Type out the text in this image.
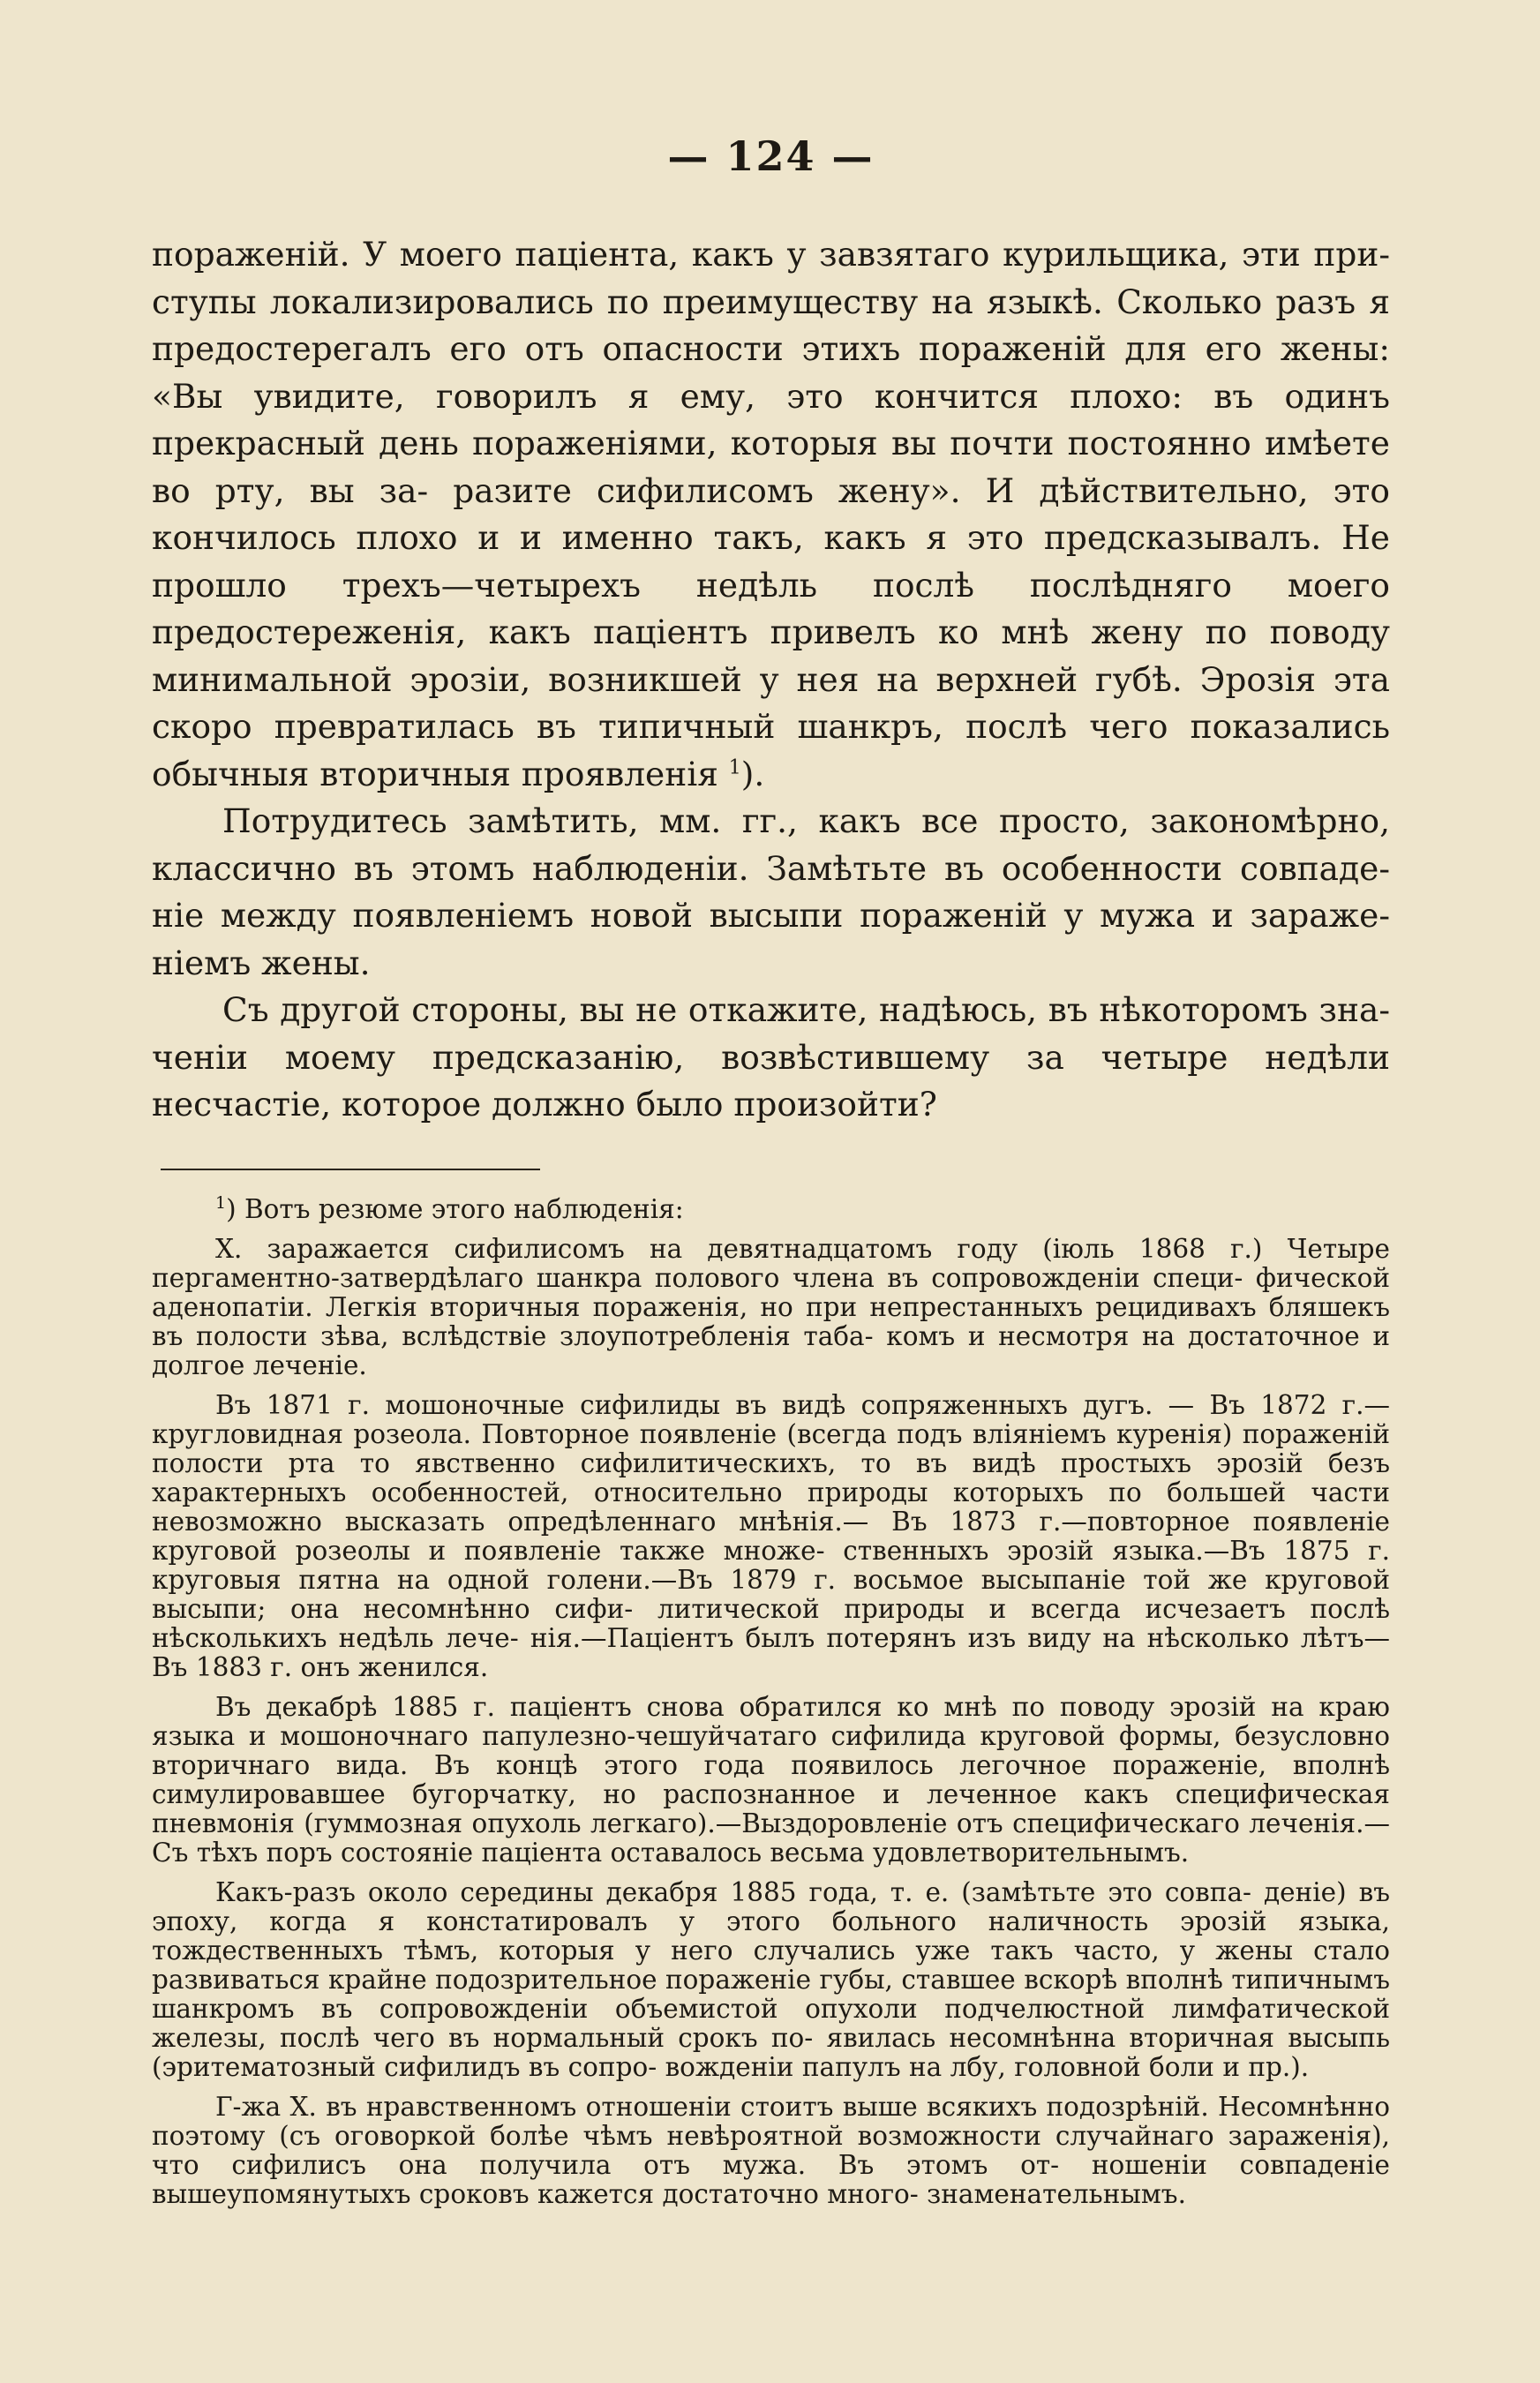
— 124 —

пораженій. У моего паціента, какъ у завзятаго курильщика, эти при- ступы локализировались по преимуществу на языкѣ. Сколько разъ я предостерегалъ его отъ опасности этихъ пораженій для его жены: «Вы увидите, говорилъ я ему, это кончится плохо: въ одинъ прекрасный день пораженіями, которыя вы почти постоянно имѣете во рту, вы за- разите сифилисомъ жену». И дѣйствительно, это кончилось плохо и и именно такъ, какъ я это предсказывалъ. Не прошло трехъ—четырехъ недѣль послѣ послѣдняго моего предостереженія, какъ паціентъ привелъ ко мнѣ жену по поводу минимальной эрозіи, возникшей у нея на верхней губѣ. Эрозія эта скоро превратилась въ типичный шанкръ, послѣ чего показались обычныя вторичныя проявленія $^1$).

Потрудитесь замѣтить, мм. гг., какъ все просто, закономѣрно, классично въ этомъ наблюденіи. Замѣтьте въ особенности совпаде- ніе между появленіемъ новой высыпи пораженій у мужа и зараже- ніемъ жены.

Съ другой стороны, вы не откажите, надѣюсь, въ нѣкоторомъ зна- ченіи моему предсказанію, возвѣстившему за четыре недѣли несчастіе, которое должно было произойти?

$^1$) Вотъ резюме этого наблюденія:

X. заражается сифилисомъ на девятнадцатомъ году (іюль 1868 г.) Четыре пергаментно-затвердѣлаго шанкра полового члена въ сопровожденіи специ- фической аденопатіи. Легкія вторичныя пораженія, но при непрестанныхъ рецидивахъ бляшекъ въ полости зѣва, вслѣдствіе злоупотребленія таба- комъ и несмотря на достаточное и долгое леченіе.

Въ 1871 г. мошоночные сифилиды въ видѣ сопряженныхъ дугъ. — Въ 1872 г.—кругловидная розеола. Повторное появленіе (всегда подъ вліяніемъ куренія) пораженій полости рта то явственно сифилитическихъ, то въ видѣ простыхъ эрозій безъ характерныхъ особенностей, относительно природы которыхъ по большей части невозможно высказать опредѣленнаго мнѣнія.— Въ 1873 г.—повторное появленіе круговой розеолы и появленіе также множе- ственныхъ эрозій языка.—Въ 1875 г. круговыя пятна на одной голени.—Въ 1879 г. восьмое высыпаніе той же круговой высыпи; она несомнѣнно сифи- литической природы и всегда исчезаетъ послѣ нѣсколькихъ недѣль лече- нія.—Паціентъ былъ потерянъ изъ виду на нѣсколько лѣтъ—Въ 1883 г. онъ женился.

Въ декабрѣ 1885 г. паціентъ снова обратился ко мнѣ по поводу эрозій на краю языка и мошоночнаго папулезно-чешуйчатаго сифилида круговой формы, безусловно вторичнаго вида. Въ концѣ этого года появилось легочное пораженіе, вполнѣ симулировавшее бугорчатку, но распознанное и леченное какъ специфическая пневмонія (гуммозная опухоль легкаго).—Выздоровленіе отъ специфическаго леченія.—Съ тѣхъ поръ состояніе паціента оставалось весьма удовлетворительнымъ.

Какъ-разъ около середины декабря 1885 года, т. е. (замѣтьте это совпа- деніе) въ эпоху, когда я констатировалъ у этого больного наличность эрозій языка, тождественныхъ тѣмъ, которыя у него случались уже такъ часто, у жены стало развиваться крайне подозрительное пораженіе губы, ставшее вскорѣ вполнѣ типичнымъ шанкромъ въ сопровожденіи объемистой опухоли подчелюстной лимфатической железы, послѣ чего въ нормальный срокъ по- явилась несомнѣнна вторичная высыпь (эритематозный сифилидъ въ сопро- вожденіи папулъ на лбу, головной боли и пр.).

Г-жа X. въ нравственномъ отношеніи стоитъ выше всякихъ подозрѣній. Несомнѣнно поэтому (съ оговоркой болѣе чѣмъ невѣроятной возможности случайнаго зараженія), что сифилисъ она получила отъ мужа. Въ этомъ от- ношеніи совпаденіе вышеупомянутыхъ сроковъ кажется достаточно много- знаменательнымъ.
